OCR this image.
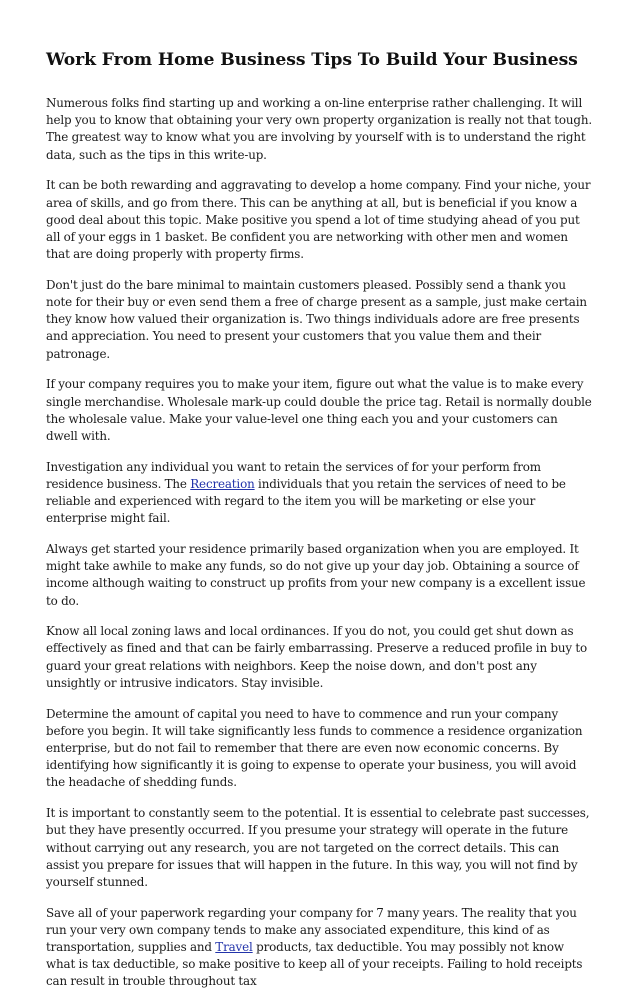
Work From Home Business Tips To Build Your Business

Numerous folks find starting up and working a on-line enterprise rather challenging. It will help you to know that obtaining your very own property organization is really not that tough. The greatest way to know what you are involving by yourself with is to understand the right data, such as the tips in this write-up.

It can be both rewarding and aggravating to develop a home company. Find your niche, your area of skills, and go from there. This can be anything at all, but is beneficial if you know a good deal about this topic. Make positive you spend a lot of time studying ahead of you put all of your eggs in 1 basket. Be confident you are networking with other men and women that are doing properly with property firms.

Don't just do the bare minimal to maintain customers pleased. Possibly send a thank you note for their buy or even send them a free of charge present as a sample, just make certain they know how valued their organization is. Two things individuals adore are free presents and appreciation. You need to present your customers that you value them and their patronage.

If your company requires you to make your item, figure out what the value is to make every single merchandise. Wholesale mark-up could double the price tag. Retail is normally double the wholesale value. Make your value-level one thing each you and your customers can dwell with.

Investigation any individual you want to retain the services of for your perform from residence business. The Recreation individuals that you retain the services of need to be reliable and experienced with regard to the item you will be marketing or else your enterprise might fail.

Always get started your residence primarily based organization when you are employed. It might take awhile to make any funds, so do not give up your day job. Obtaining a source of income although waiting to construct up profits from your new company is a excellent issue to do.

Know all local zoning laws and local ordinances. If you do not, you could get shut down as effectively as fined and that can be fairly embarrassing. Preserve a reduced profile in buy to guard your great relations with neighbors. Keep the noise down, and don't post any unsightly or intrusive indicators. Stay invisible.

Determine the amount of capital you need to have to commence and run your company before you begin. It will take significantly less funds to commence a residence organization enterprise, but do not fail to remember that there are even now economic concerns. By identifying how significantly it is going to expense to operate your business, you will avoid the headache of shedding funds.

It is important to constantly seem to the potential. It is essential to celebrate past successes, but they have presently occurred. If you presume your strategy will operate in the future without carrying out any research, you are not targeted on the correct details. This can assist you prepare for issues that will happen in the future. In this way, you will not find by yourself stunned.

Save all of your paperwork regarding your company for 7 many years. The reality that you run your very own company tends to make any associated expenditure, this kind of as transportation, supplies and Travel products, tax deductible. You may possibly not know what is tax deductible, so make positive to keep all of your receipts. Failing to hold receipts can result in trouble throughout tax
